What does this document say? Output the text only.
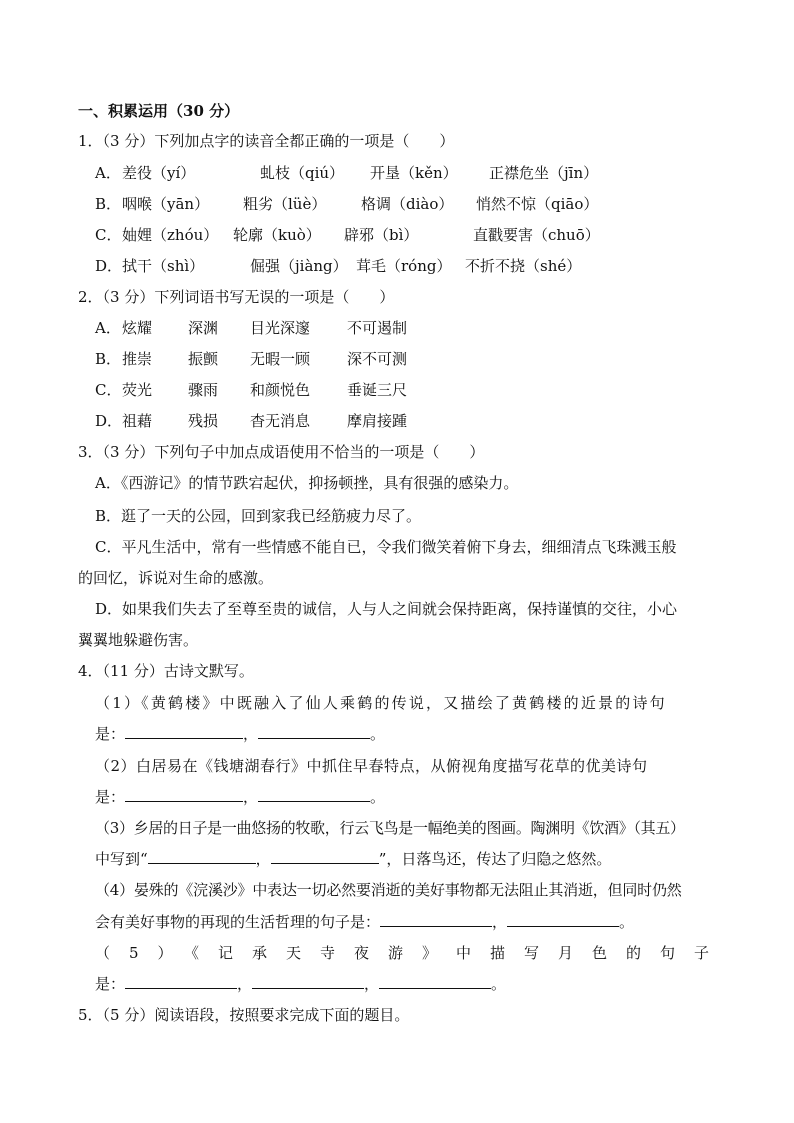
一、积累运用（30 分）
1．（3 分）下列加点字的读音全都正确的一项是（　　）
A． 差役（yí）	虬枝（qiú） 开垦（kěn） 正襟危坐（jīn）
B． 咽喉（yān） 粗劣（lüè） 格调（diào） 悄然不惊（qiāo）
C． 妯娌（zhóu） 轮廓（kuò） 辟邪（bì）	直戳要害（chuō）
D． 拭干（shì）	倔强（jiàng） 茸毛（róng） 不折不挠（shé）
2．（3 分）下列词语书写无误的一项是（　　）
A． 炫耀 深渊 目光深邃 不可遏制
B． 推崇 振颤 无暇一顾 深不可测
C． 荧光 骤雨 和颜悦色 垂诞三尺
D． 祖藉 残损 杳无消息 摩肩接踵
3．（3 分）下列句子中加点成语使用不恰当的一项是（　　）
A．《西游记》的情节跌宕起伏，抑扬顿挫，具有很强的感染力。
B．逛了一天的公园，回到家我已经筋疲力尽了。
C．平凡生活中，常有一些情感不能自已，令我们微笑着俯下身去，细细清点飞珠溅玉般
的回忆，诉说对生命的感激。
D．如果我们失去了至尊至贵的诚信，人与人之间就会保持距离，保持谨慎的交往，小心
翼翼地躲避伤害。
4．（11 分）古诗文默写。
（1）《黄鹤楼》中既融入了仙人乘鹤的传说，又描绘了黄鹤楼的近景的诗句
是：	，	。
（2）白居易在《钱塘湖春行》中抓住早春特点，从俯视角度描写花草的优美诗句
是：	，	。
（3）乡居的日子是一曲悠扬的牧歌，行云飞鸟是一幅绝美的图画。陶渊明《饮酒》（其五）
中写到“	，	”，日落鸟还，传达了归隐之悠然。
（4）晏殊的《浣溪沙》中表达一切必然要消逝的美好事物都无法阻止其消逝，但同时仍然
会有美好事物的再现的生活哲理的句子是：	，	。
（5）《记承天寺夜游》中描写月色的句子
是：	，	，	。
5．（5 分）阅读语段，按照要求完成下面的题目。
